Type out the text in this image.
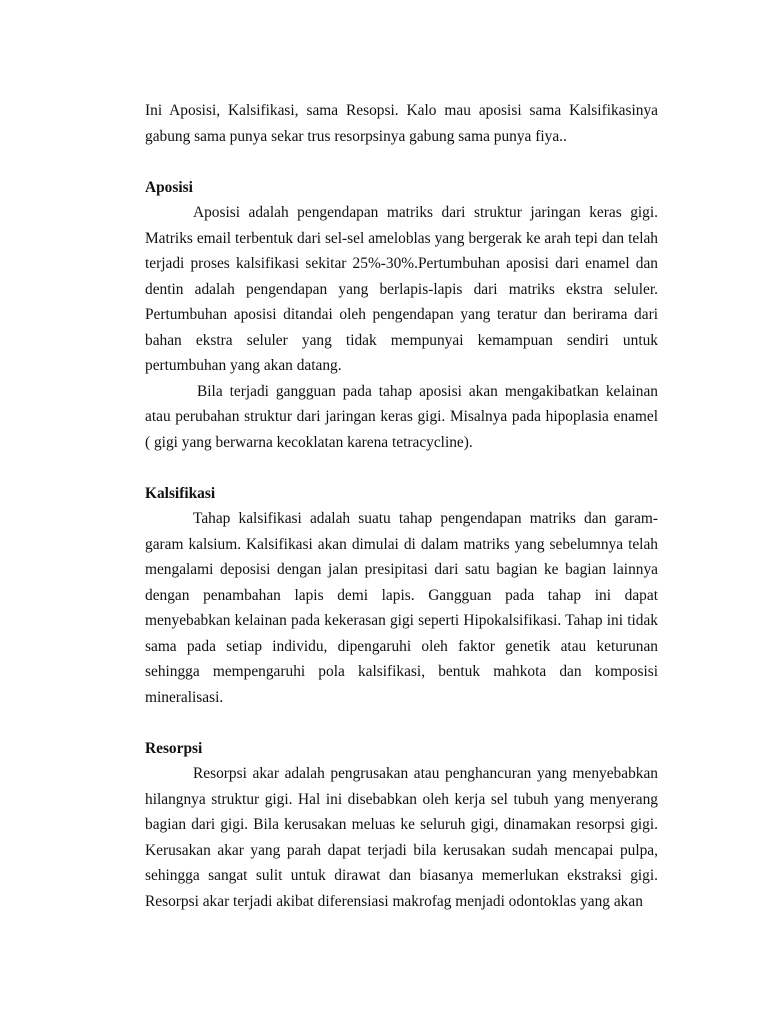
Ini Aposisi, Kalsifikasi, sama Resopsi. Kalo mau aposisi sama Kalsifikasinya gabung sama punya sekar trus resorpsinya gabung sama punya fiya..

Aposisi

Aposisi adalah pengendapan matriks dari struktur jaringan keras gigi. Matriks email terbentuk dari sel-sel ameloblas yang bergerak ke arah tepi dan telah terjadi proses kalsifikasi sekitar 25%-30%.Pertumbuhan aposisi dari enamel dan dentin adalah pengendapan yang berlapis-lapis dari matriks ekstra seluler. Pertumbuhan aposisi ditandai oleh pengendapan yang teratur dan berirama dari bahan ekstra seluler yang tidak mempunyai kemampuan sendiri untuk pertumbuhan yang akan datang.

Bila terjadi gangguan pada tahap aposisi akan mengakibatkan kelainan atau perubahan struktur dari jaringan keras gigi. Misalnya pada hipoplasia enamel ( gigi yang berwarna kecoklatan karena tetracycline).

Kalsifikasi

Tahap kalsifikasi adalah suatu tahap pengendapan matriks dan garam-garam kalsium. Kalsifikasi akan dimulai di dalam matriks yang sebelumnya telah mengalami deposisi dengan jalan presipitasi dari satu bagian ke bagian lainnya dengan penambahan lapis demi lapis. Gangguan pada tahap ini dapat menyebabkan kelainan pada kekerasan gigi seperti Hipokalsifikasi. Tahap ini tidak sama pada setiap individu, dipengaruhi oleh faktor genetik atau keturunan sehingga mempengaruhi pola kalsifikasi, bentuk mahkota dan komposisi mineralisasi.

Resorpsi

Resorpsi akar adalah pengrusakan atau penghancuran yang menyebabkan hilangnya struktur gigi. Hal ini disebabkan oleh kerja sel tubuh yang menyerang bagian dari gigi. Bila kerusakan meluas ke seluruh gigi, dinamakan resorpsi gigi. Kerusakan akar yang parah dapat terjadi bila kerusakan sudah mencapai pulpa, sehingga sangat sulit untuk dirawat dan biasanya memerlukan ekstraksi gigi. Resorpsi akar terjadi akibat diferensiasi makrofag menjadi odontoklas yang akan
